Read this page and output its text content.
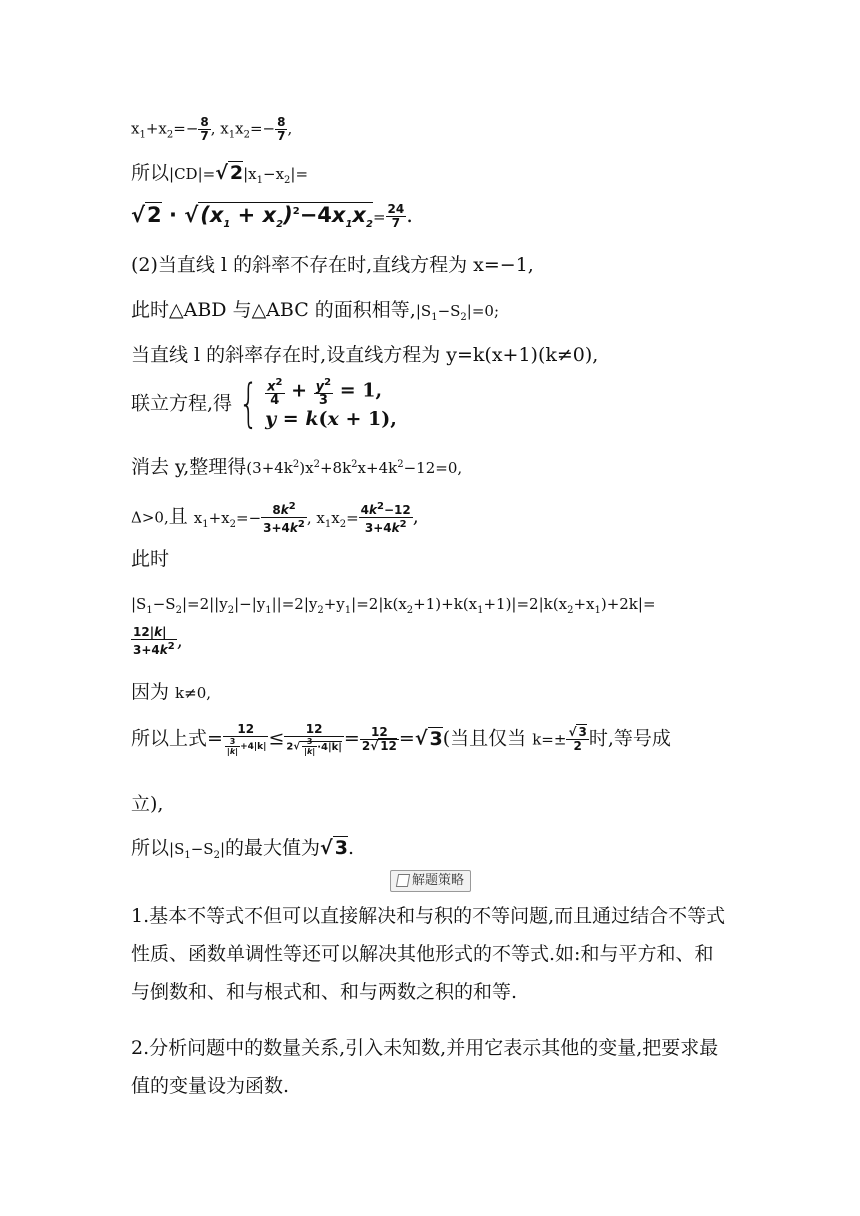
$x_1+x_2=- \frac{8}{7}$ , $x_1x_2=- \frac{8}{7}$ ,
所以|CD|=√ $2|x_1-x_2|=$
$√2 \cdot √(x_1 + x_2)^2-4x_1x_2= \frac{24}{7}$ .
(2)当直线 l 的斜率不存在时,直线方程为 x=−1,
此时△ABD 与△ABC 的面积相等$,|S_1-S_2|=0$;
当直线 l 的斜率存在时,设直线方程为 y=k(x+1)(k≠0),
联立方程,得 { $\frac{x^2}{4} + \frac{y^2}{3} = 1$,
y = k(x + 1),
消去 y,整理得$(3+4k^2)x^2+8k^2x+4k^2-12=0$,
Δ>0,且 $x_1+x_2=- \frac{8k^2}{3+4k^2}$ , $x_1x_2= \frac{4k^2-12}{3+4k^2}$ ,
此时
$|S_1-S_2|=2||y_2|-|y_1||=2|y_2+y_1|=2|k(x_2+1)+k(x_1+1)|=2|k(x_2+x_1)+2k|=$
$\frac{12|k|}{3+4k^2}$ ,
因为 k≠0,
所以上式= $\frac{12}{\frac{3}{|k|} +4|k|} \le \frac{12}{2√ \frac{3}{|k|} \cdot 4|k|} = \frac{12}{2√ 12}$ =√ 3(当且仅当 $k=\pm \frac{√ 3}{2}$ 时,等号成
立),
所以$|S_1-S_2|$的最大值为√ 3.
解题策略
1.基本不等式不但可以直接解决和与积的不等问题,而且通过结合不等式性质、函数单调性等还可以解决其他形式的不等式.如:和与平方和、和与倒数和、和与根式和、和与两数之积的和等.
2.分析问题中的数量关系,引入未知数,并用它表示其他的变量,把要求最值的变量设为函数.
